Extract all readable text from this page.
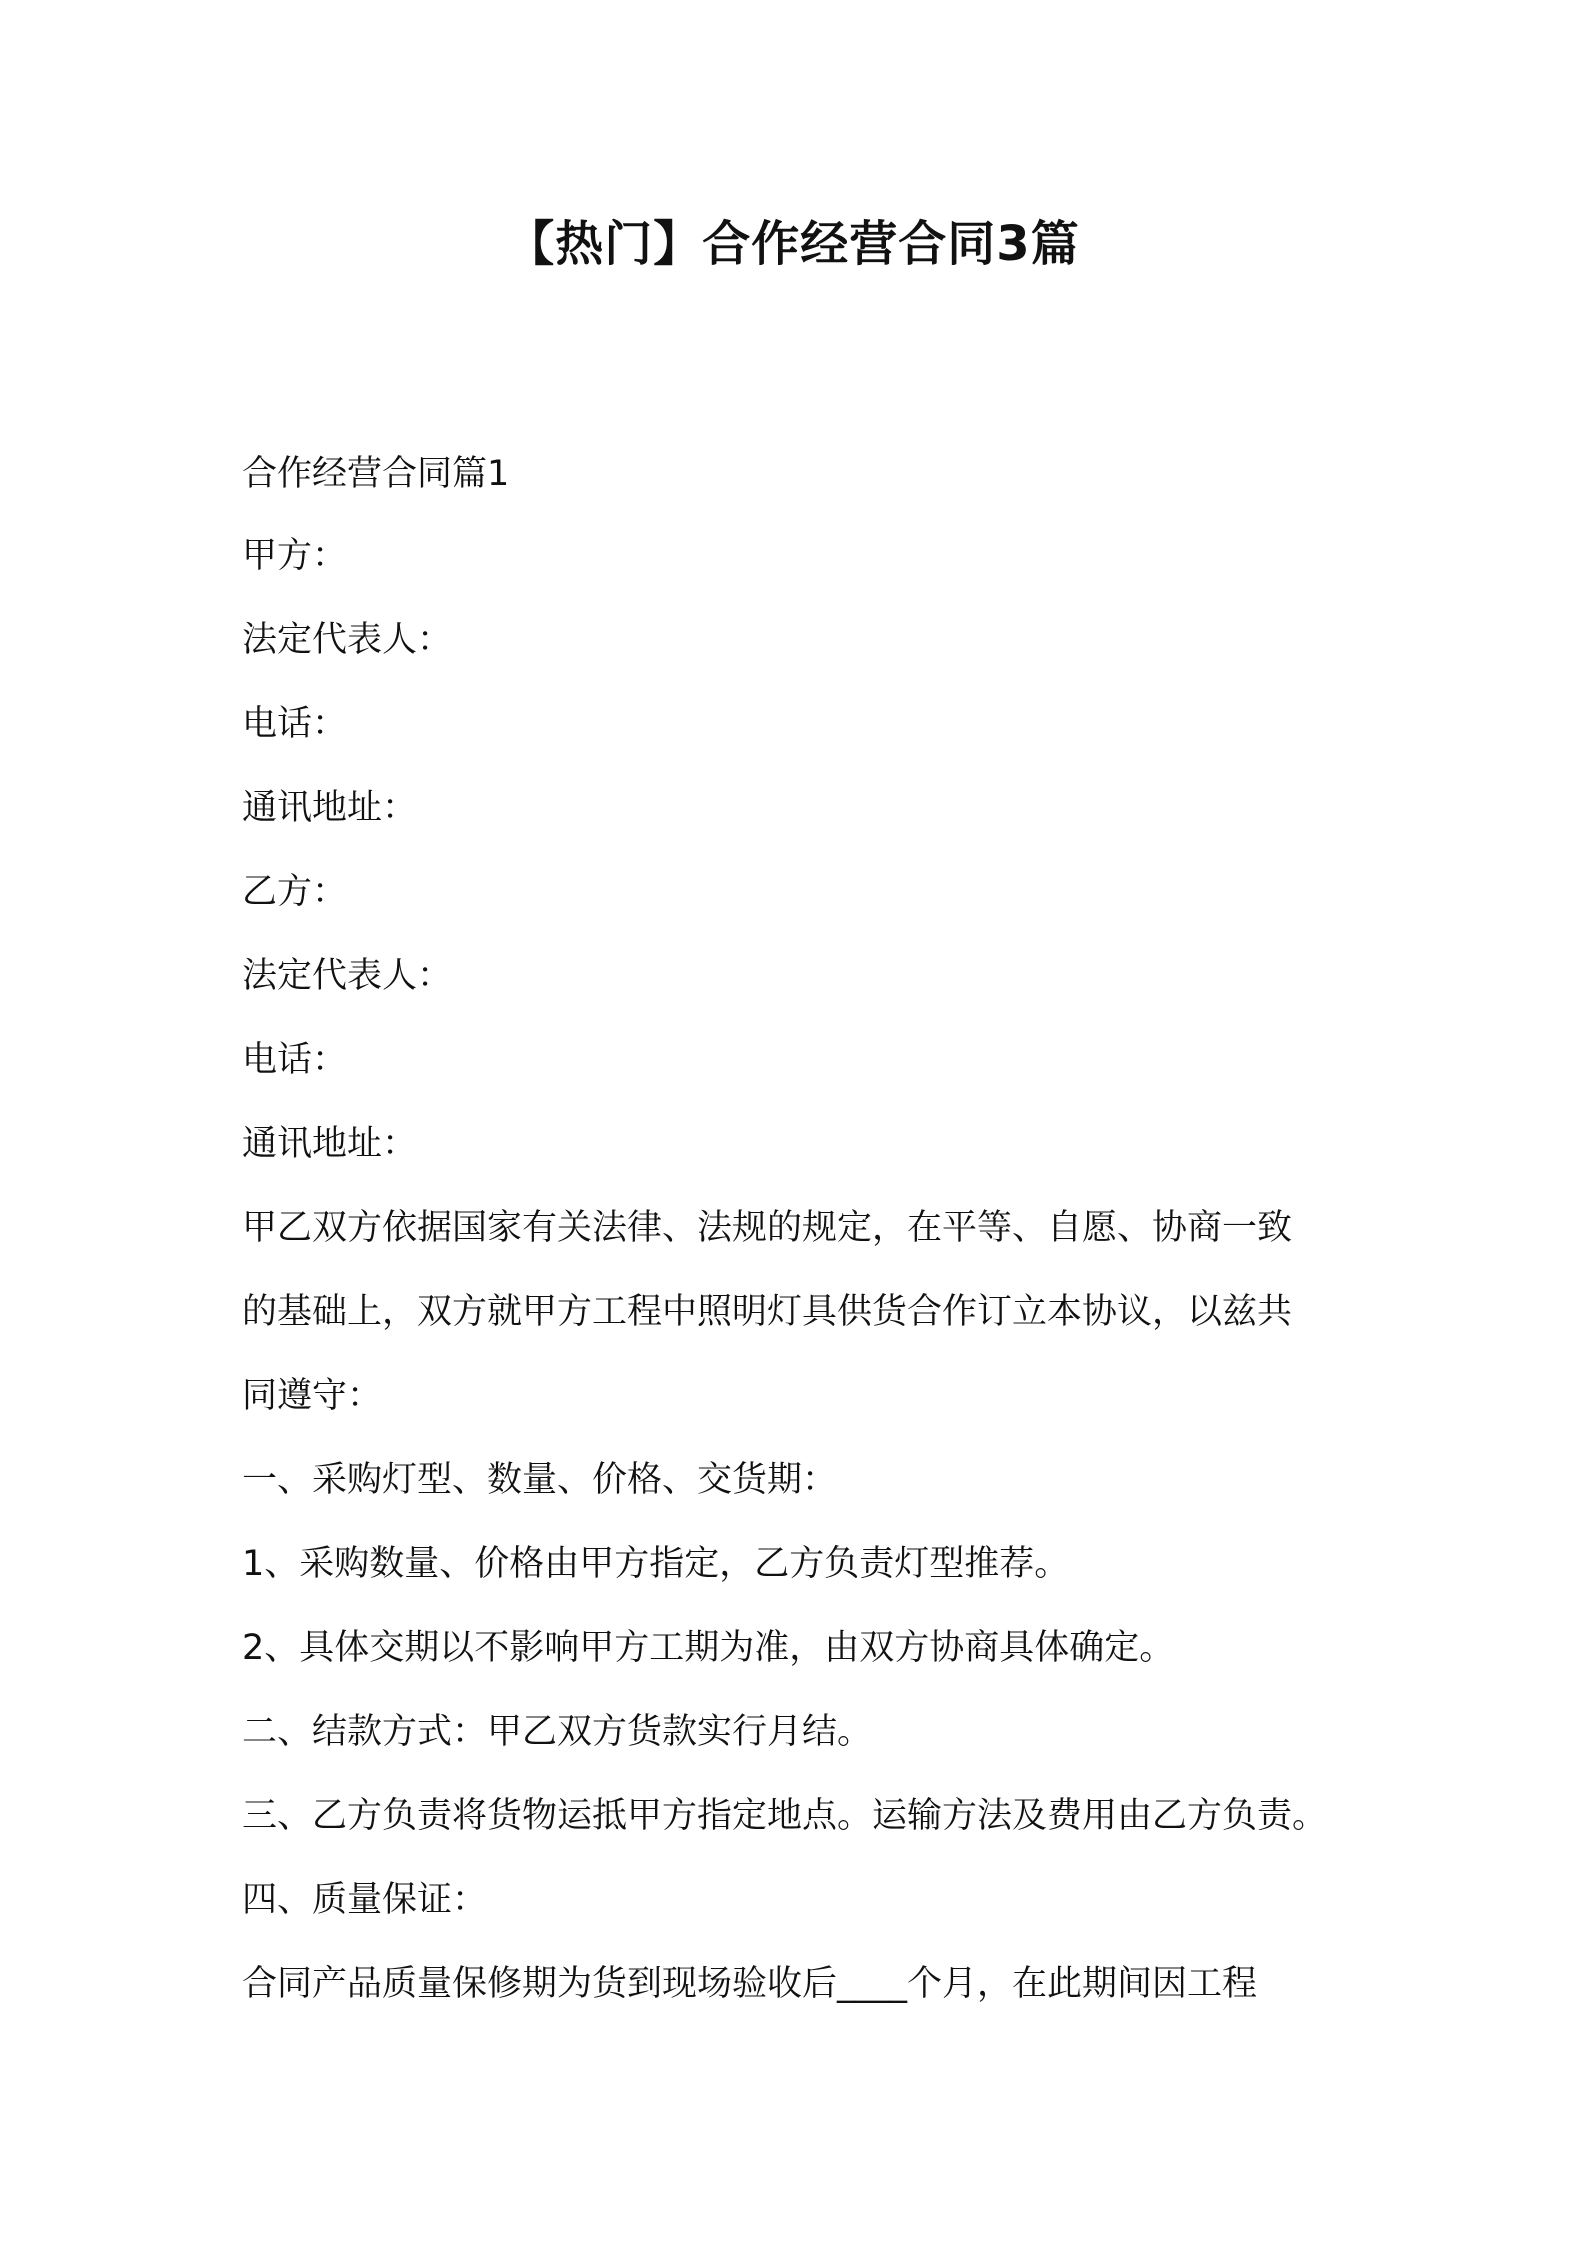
【热门】合作经营合同3篇
合作经营合同篇1
甲方：
法定代表人：
电话：
通讯地址：
乙方：
法定代表人：
电话：
通讯地址：
甲乙双方依据国家有关法律、法规的规定，在平等、自愿、协商一致
的基础上，双方就甲方工程中照明灯具供货合作订立本协议，以兹共
同遵守：
一、采购灯型、数量、价格、交货期：
1、采购数量、价格由甲方指定，乙方负责灯型推荐。
2、具体交期以不影响甲方工期为准，由双方协商具体确定。
二、结款方式：甲乙双方货款实行月结。
三、乙方负责将货物运抵甲方指定地点。运输方法及费用由乙方负责。
四、质量保证：
合同产品质量保修期为货到现场验收后____个月，在此期间因工程
